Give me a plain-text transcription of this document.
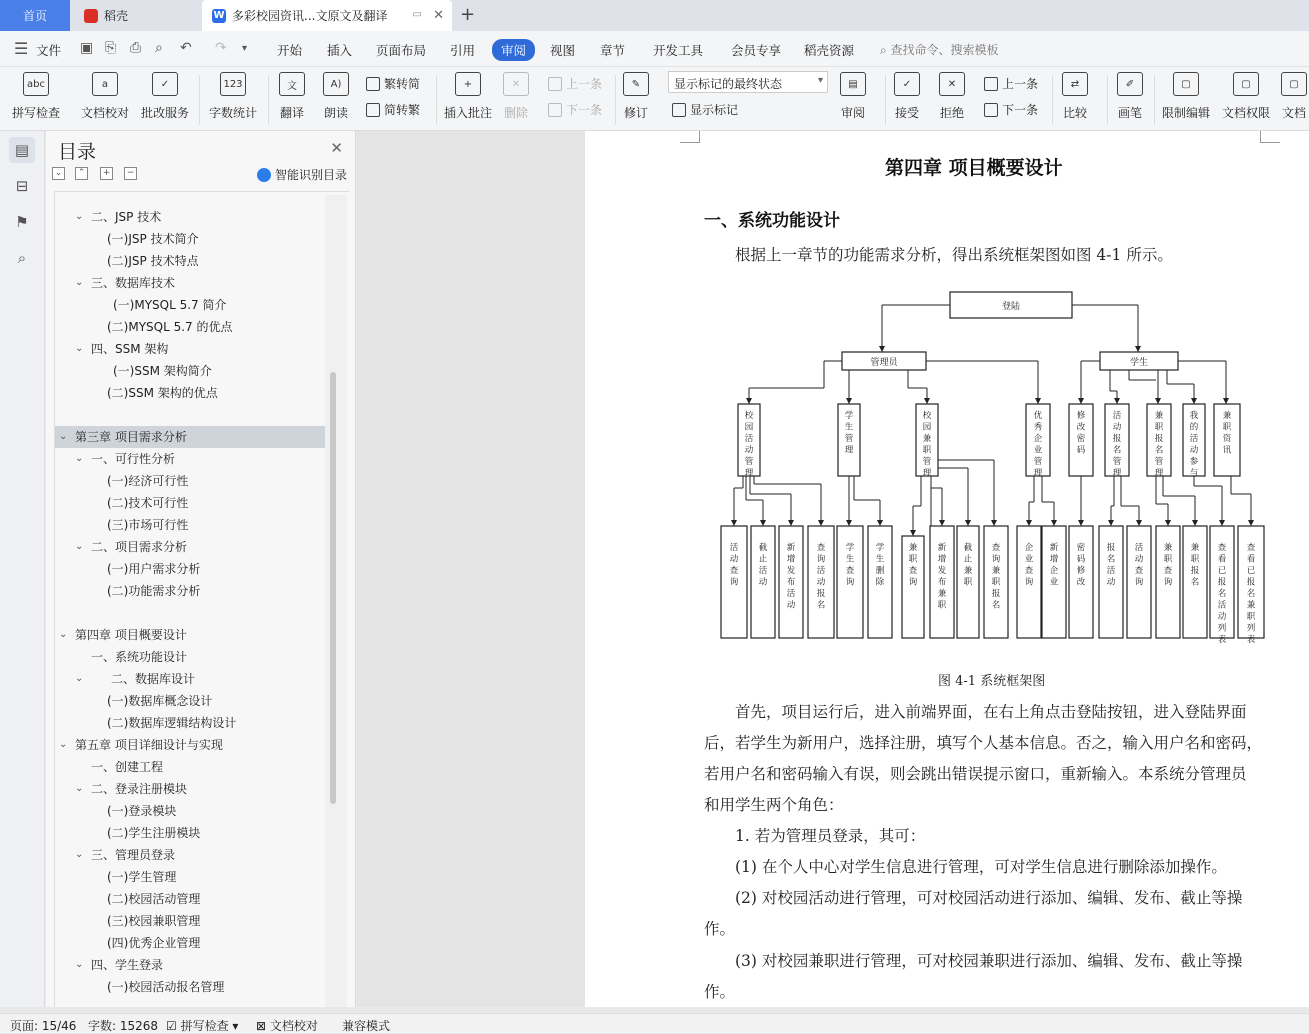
首页	稻壳	W 多彩校园资讯...文原文及翻译	▭ ✕ +
☰ 文件 ▣ ⎘ ⎙ ⌕ ↶ ↷ ▾ 开始 插入 页面布局 引用	审阅	视图 章节 开发工具 会员专享 稻壳资源 ⌕ 查找命令、搜索模板
abc
拼写检查
a
文档校对
✓
批改服务
123
字数统计
文
翻译
A)
朗读
繁转简
简转繁
+
插入批注
✕
删除
上一条
下一条
✎
修订
显示标记的最终状态 ▾
显示标记
▤
审阅
✓
接受
✕
拒绝
上一条
下一条
⇄
比较
✐
画笔
▢
限制编辑
▢
文档权限
▢
文档
▤
⊟
⚑
⌕
目录	✕
⌄	⌃	+	−	智能识别目录
⌄ 二、JSP 技术
(一)JSP 技术简介
(二)JSP 技术特点
⌄ 三、数据库技术
(一)MYSQL 5.7 简介
(二)MYSQL 5.7 的优点
⌄ 四、SSM 架构
(一)SSM 架构简介
(二)SSM 架构的优点
⌄ 第三章 项目需求分析
⌄ 一、可行性分析
(一)经济可行性
(二)技术可行性
(三)市场可行性
⌄ 二、项目需求分析
(一)用户需求分析
(二)功能需求分析
⌄ 第四章 项目概要设计
一、系统功能设计
⌄ 二、数据库设计
(一)数据库概念设计
(二)数据库逻辑结构设计
⌄ 第五章 项目详细设计与实现
一、创建工程
⌄ 二、登录注册模块
(一)登录模块
(二)学生注册模块
⌄ 三、管理员登录
(一)学生管理
(二)校园活动管理
(三)校园兼职管理
(四)优秀企业管理
⌄ 四、学生登录
(一)校园活动报名管理
第四章 项目概要设计
一、系统功能设计
根据上一章节的功能需求分析，得出系统框架图如图 4-1 所示。
登陆
管理员	学生
校园活动管理
学生管理
校园兼职管理
优秀企业管理
修改密码
活动报名管理
兼职报名管理
我的活动参与
兼职资讯
活动查询
截止活动
新增发布活动
查询活动报名
学生查询
学生删除
兼职查询
新增发布兼职
截止兼职
查询兼职报名
企业查询
新增企业
密码修改
报名活动
活动查询
兼职查询
兼职报名
查看已报名活动列表
查看已报名兼职列表
图 4-1 系统框架图
首先，项目运行后，进入前端界面，在右上角点击登陆按钮，进入登陆界面
后，若学生为新用户，选择注册，填写个人基本信息。否之，输入用户名和密码，
若用户名和密码输入有误，则会跳出错误提示窗口，重新输入。本系统分管理员
和用学生两个角色：
1. 若为管理员登录，其可：
(1) 在个人中心对学生信息进行管理，可对学生信息进行删除添加操作。
(2) 对校园活动进行管理，可对校园活动进行添加、编辑、发布、截止等操
作。
(3) 对校园兼职进行管理，可对校园兼职进行添加、编辑、发布、截止等操
作。
页面: 15/46 字数: 15268 ☑ 拼写检查 ▾ ⊠ 文档校对 兼容模式
